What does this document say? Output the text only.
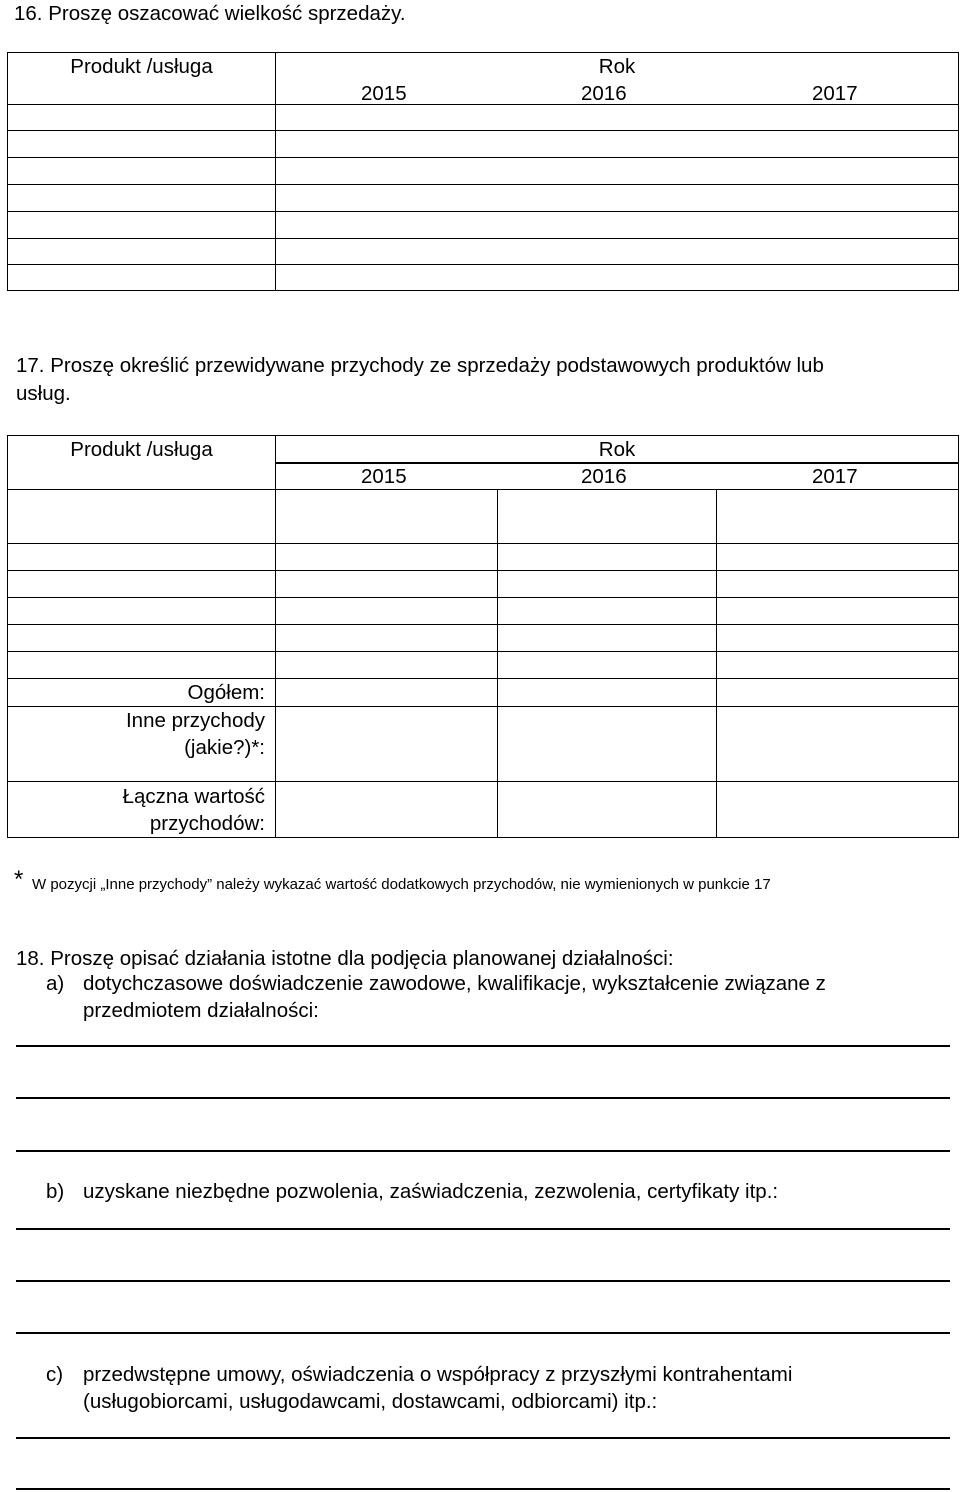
16. Proszę oszacować wielkość sprzedaży.
Produkt /usługa	Rok
2015 2016 2017

17. Proszę określić przewidywane przychody ze sprzedaży podstawowych produktów lub
usług.
Produkt /usługa	Rok
2015 2016 2017		

Ogółem:			

Inne przychody
(jakie?)*:			

Łączna wartość
przychodów:			

* W pozycji „Inne przychody” należy wykazać wartość dodatkowych przychodów, nie wymienionych w punkcie 17
18. Proszę opisać działania istotne dla podjęcia planowanej działalności:
a) dotychczasowe doświadczenie zawodowe, kwalifikacje, wykształcenie związane z
przedmiotem działalności:
b) uzyskane niezbędne pozwolenia, zaświadczenia, zezwolenia, certyfikaty itp.:
c) przedwstępne umowy, oświadczenia o współpracy z przyszłymi kontrahentami
(usługobiorcami, usługodawcami, dostawcami, odbiorcami) itp.:
